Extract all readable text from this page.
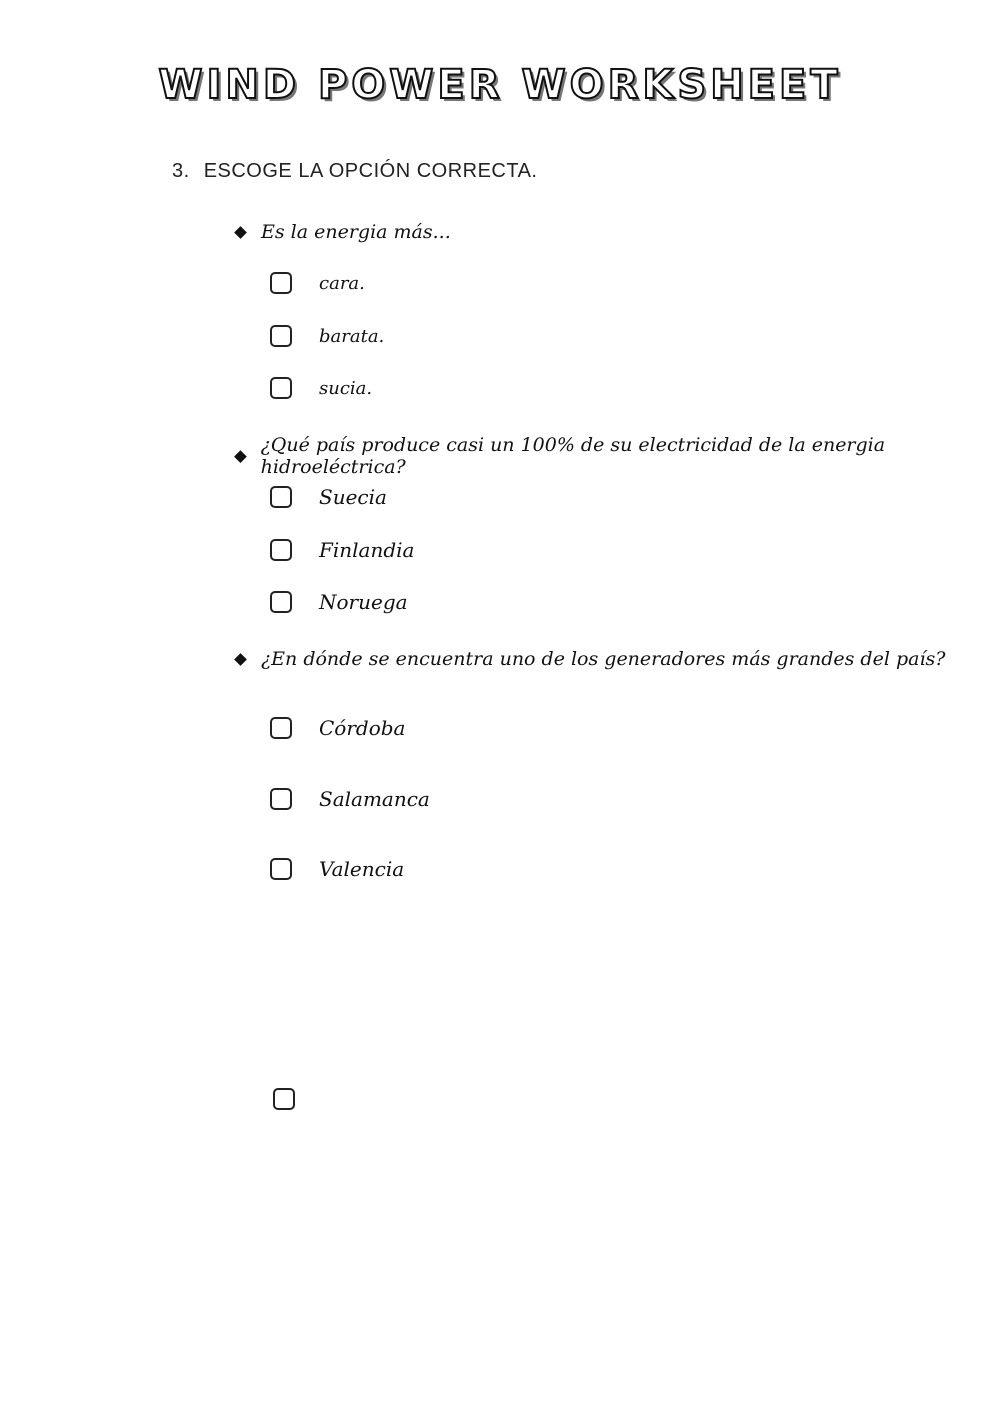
WIND POWER WORKSHEET
3. ESCOGE LA OPCIÓN CORRECTA.
Es la energia más...
cara.
barata.
sucia.
¿Qué país produce casi un 100% de su electricidad de la energia hidroeléctrica?
Suecia
Finlandia
Noruega
¿En dónde se encuentra uno de los generadores más grandes del país?
Córdoba
Salamanca
Valencia
